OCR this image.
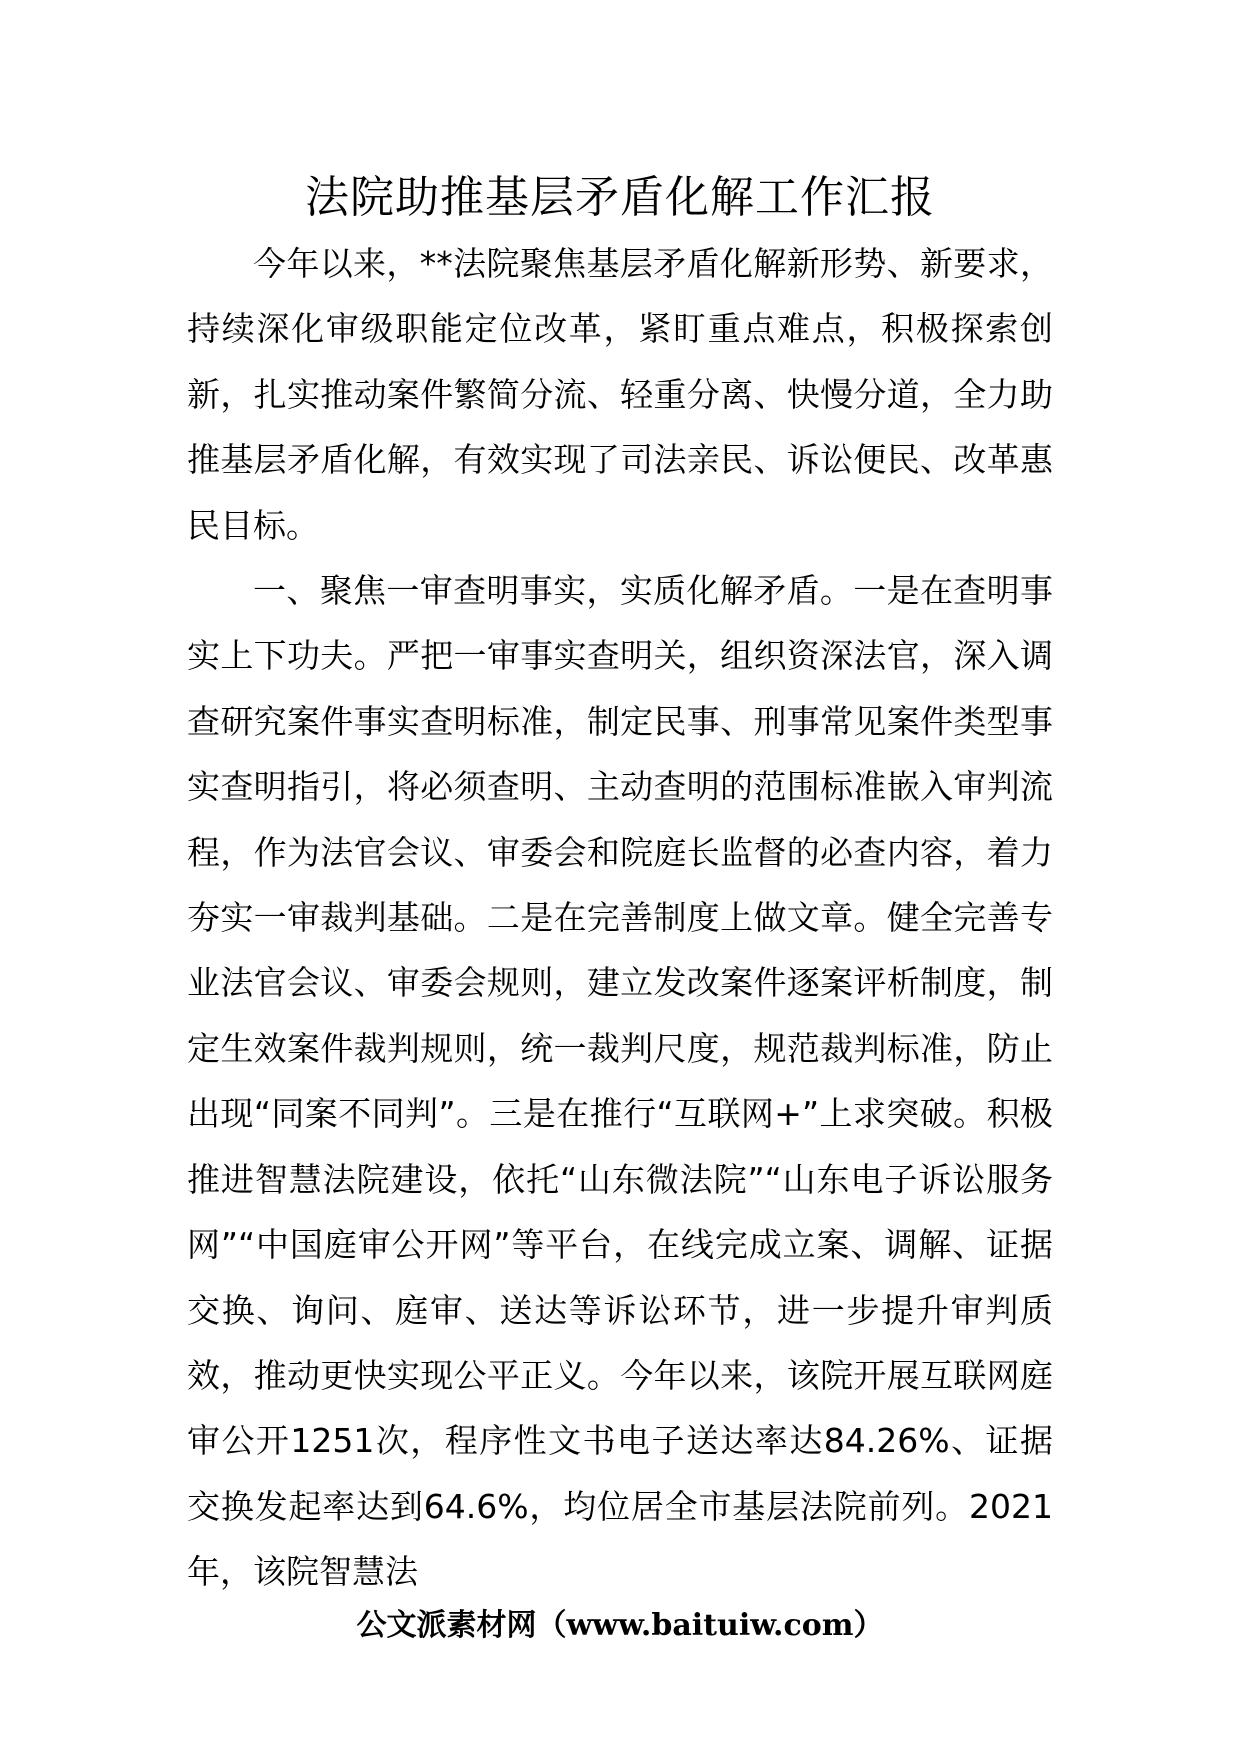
法院助推基层矛盾化解工作汇报

今年以来，**法院聚焦基层矛盾化解新形势、新要求，持续深化审级职能定位改革，紧盯重点难点，积极探索创新，扎实推动案件繁简分流、轻重分离、快慢分道，全力助推基层矛盾化解，有效实现了司法亲民、诉讼便民、改革惠民目标。

一、聚焦一审查明事实，实质化解矛盾。一是在查明事实上下功夫。严把一审事实查明关，组织资深法官，深入调查研究案件事实查明标准，制定民事、刑事常见案件类型事实查明指引，将必须查明、主动查明的范围标准嵌入审判流程，作为法官会议、审委会和院庭长监督的必查内容，着力夯实一审裁判基础。二是在完善制度上做文章。健全完善专业法官会议、审委会规则，建立发改案件逐案评析制度，制定生效案件裁判规则，统一裁判尺度，规范裁判标准，防止出现“同案不同判”。三是在推行“互联网+”上求突破。积极推进智慧法院建设，依托“山东微法院”“山东电子诉讼服务网”“中国庭审公开网”等平台，在线完成立案、调解、证据交换、询问、庭审、送达等诉讼环节，进一步提升审判质效，推动更快实现公平正义。今年以来，该院开展互联网庭审公开1251次，程序性文书电子送达率达84.26%、证据交换发起率达到64.6%，均位居全市基层法院前列。2021年，该院智慧法

公文派素材网（www.baituiw.com）
